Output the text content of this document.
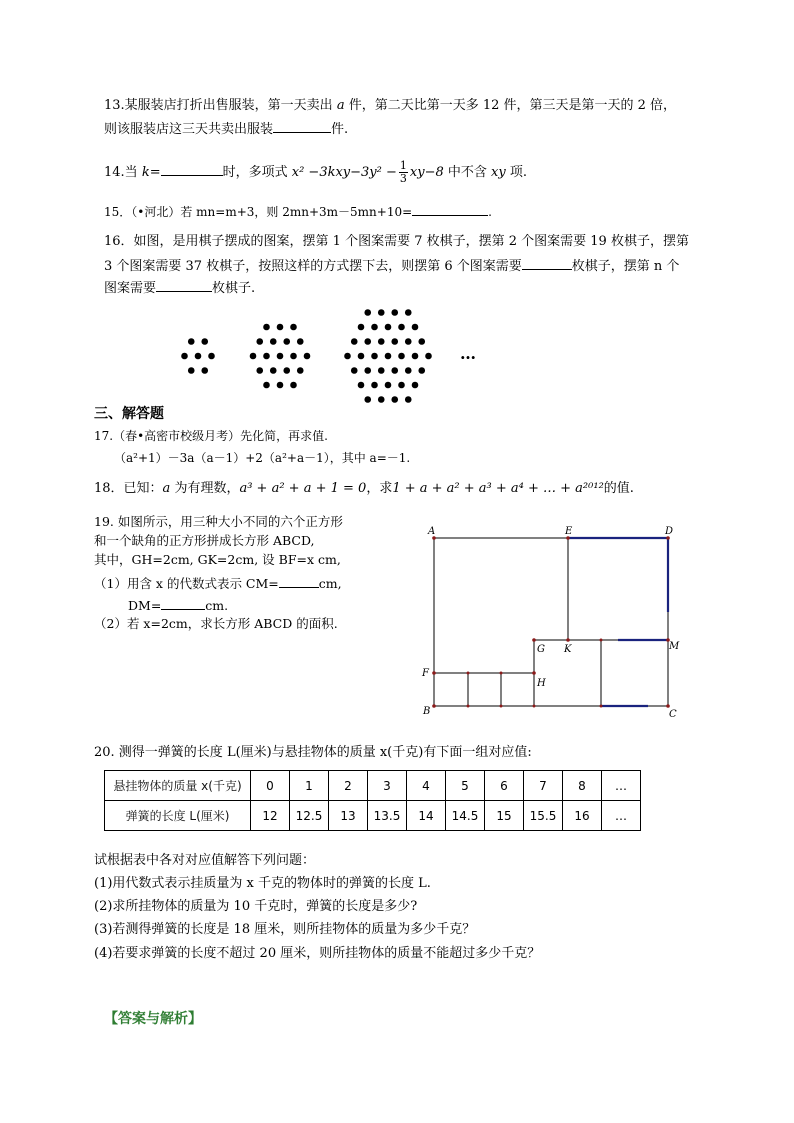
13.某服装店打折出售服装，第一天卖出 a 件，第二天比第一天多 12 件，第三天是第一天的 2 倍，
则该服装店这三天共卖出服装	件.
14.当 k=	时，多项式 $x^2 -3kxy-3y^2 - \frac{1}{3} xy-8$ 中不含 xy 项.
15．（•河北）若 mn=m+3，则 2mn+3m－5mn+10=	.
16．如图，是用棋子摆成的图案，摆第 1 个图案需要 7 枚棋子，摆第 2 个图案需要 19 枚棋子，摆第
3 个图案需要 37 枚棋子，按照这样的方式摆下去，则摆第 6 个图案需要	枚棋子，摆第 n 个
图案需要	枚棋子.
…
三、解答题
17.（春•高密市校级月考）先化简，再求值.
（a²+1）－3a（a－1）+2（a²+a－1），其中 a=－1.
18．已知：a 为有理数，a³ + a² + a + 1 = 0，求1 + a + a² + a³ + a⁴ + … + a²⁰¹²的值.
19. 如图所示，用三种大小不同的六个正方形
和一个缺角的正方形拼成长方形 ABCD,
其中，GH=2cm, GK=2cm, 设 BF=x cm,
（1）用含 x 的代数式表示 CM=	cm,
DM=	cm.
（2）若 x=2cm，求长方形 ABCD 的面积.
A	E	D
F
B	C
G K	M
H
20. 测得一弹簧的长度 L(厘米)与悬挂物体的质量 x(千克)有下面一组对应值:
悬挂物体的质量 x(千克)	0	1	2	3	4	5	6	7	8	…
弹簧的长度 L(厘米)	12	12.5	13	13.5	14	14.5	15	15.5	16	…
试根据表中各对对应值解答下列问题：
(1)用代数式表示挂质量为 x 千克的物体时的弹簧的长度 L.
(2)求所挂物体的质量为 10 千克时，弹簧的长度是多少?
(3)若测得弹簧的长度是 18 厘米，则所挂物体的质量为多少千克？
(4)若要求弹簧的长度不超过 20 厘米，则所挂物体的质量不能超过多少千克？
【答案与解析】
